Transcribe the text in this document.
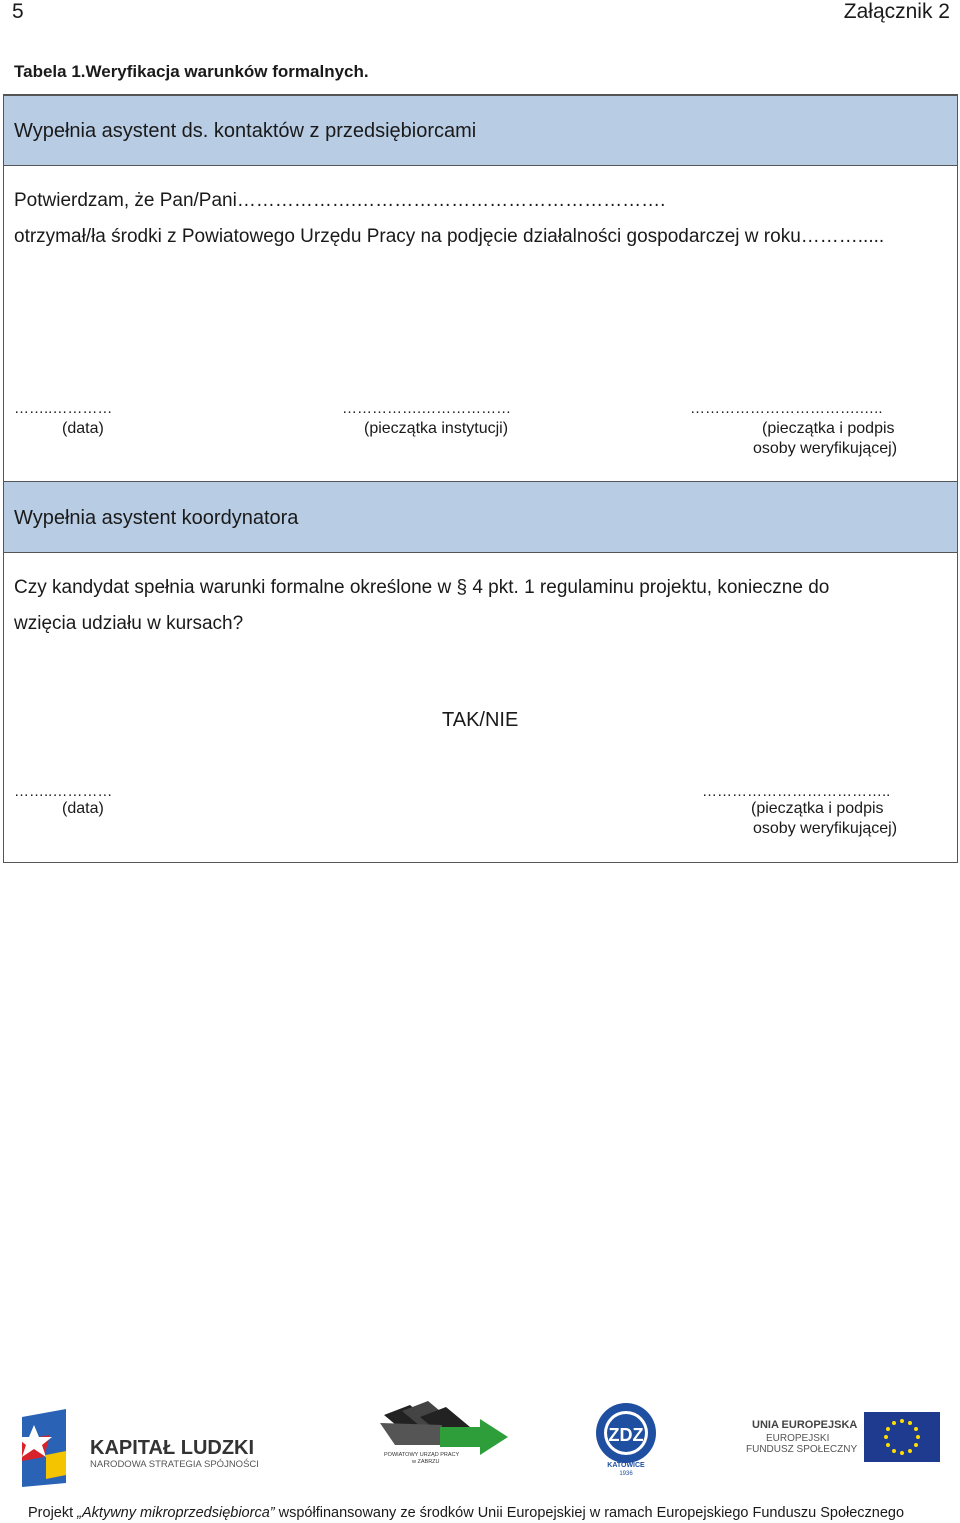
5	Załącznik 2
Tabela 1.Weryfikacja warunków formalnych.
Wypełnia asystent ds. kontaktów z przedsiębiorcami
Potwierdzam, że Pan/Pani……………….………………………………………….
otrzymał/ła środki z Powiatowego Urzędu Pracy na podjęcie działalności gospodarczej w roku……….....
……..…………	…………….………………	…………………………….…..
(data)	(pieczątka instytucji)	(pieczątka i podpis
osoby weryfikującej)
Wypełnia asystent koordynatora
Czy kandydat spełnia warunki formalne określone w § 4 pkt. 1 regulaminu projektu, konieczne do
wzięcia udziału w kursach?
TAK/NIE
……..…………	………………………………..
(data)	(pieczątka i podpis
osoby weryfikującej)
KAPITAŁ LUDZKI
NARODOWA STRATEGIA SPÓJNOŚCI
POWIATOWY URZĄD PRACY
w ZABRZU
ZDZ
KATOWICE
1936
UNIA EUROPEJSKA
EUROPEJSKI
FUNDUSZ SPOŁECZNY
Projekt „Aktywny mikroprzedsiębiorca” współfinansowany ze środków Unii Europejskiej w ramach Europejskiego Funduszu Społecznego
